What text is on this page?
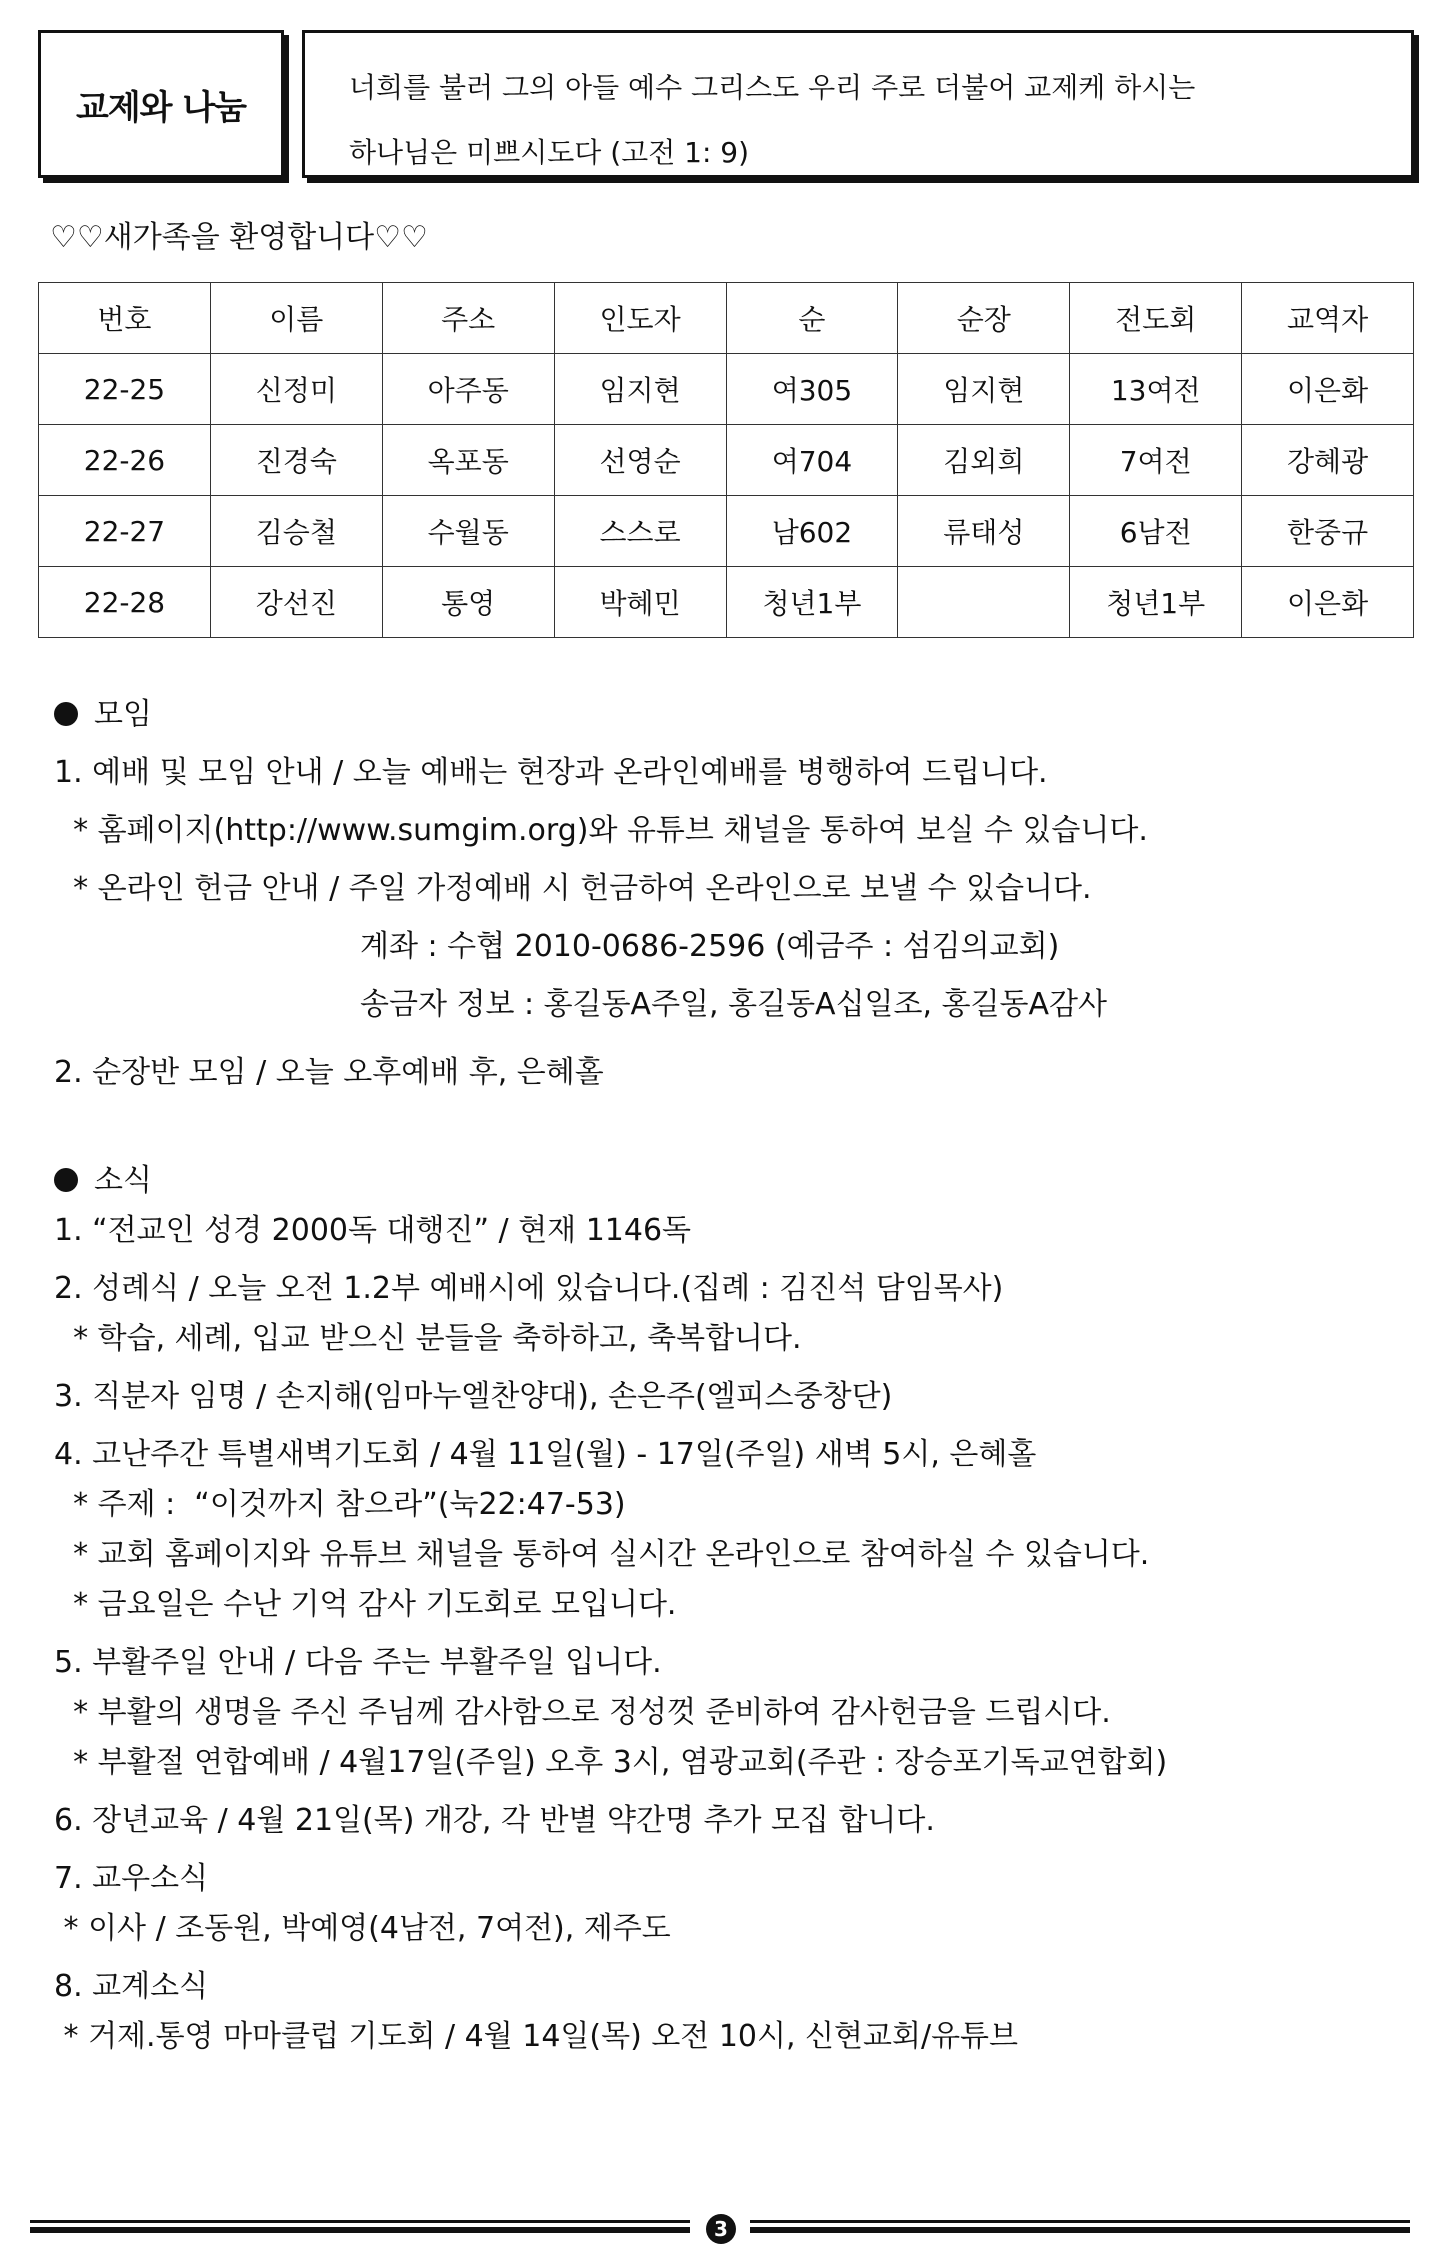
교제와 나눔	너희를 불러 그의 아들 예수 그리스도 우리 주로 더불어 교제케 하시는
하나님은 미쁘시도다 (고전 1: 9)
♡♡새가족을 환영합니다♡♡
번호	이름	주소	인도자	순	순장	전도회	교역자
22-25	신정미	아주동	임지현	여305	임지현	13여전	이은화
22-26	진경숙	옥포동	선영순	여704	김외희	7여전	강혜광
22-27	김승철	수월동	스스로	남602	류태성	6남전	한중규
22-28	강선진	통영	박혜민	청년1부		청년1부	이은화
모임
1. 예배 및 모임 안내 / 오늘 예배는 현장과 온라인예배를 병행하여 드립니다.
* 홈페이지(http://www.sumgim.org)와 유튜브 채널을 통하여 보실 수 있습니다.
* 온라인 헌금 안내 / 주일 가정예배 시 헌금하여 온라인으로 보낼 수 있습니다.
계좌 : 수협 2010-0686-2596 (예금주 : 섬김의교회)
송금자 정보 : 홍길동A주일, 홍길동A십일조, 홍길동A감사
2. 순장반 모임 / 오늘 오후예배 후, 은혜홀
소식
1. “전교인 성경 2000독 대행진” / 현재 1146독
2. 성례식 / 오늘 오전 1.2부 예배시에 있습니다.(집례 : 김진석 담임목사)
* 학습, 세례, 입교 받으신 분들을 축하하고, 축복합니다.
3. 직분자 임명 / 손지해(임마누엘찬양대), 손은주(엘피스중창단)
4. 고난주간 특별새벽기도회 / 4월 11일(월) - 17일(주일) 새벽 5시, 은혜홀
* 주제 :  “이것까지 참으라”(눅22:47-53)
* 교회 홈페이지와 유튜브 채널을 통하여 실시간 온라인으로 참여하실 수 있습니다.
* 금요일은 수난 기억 감사 기도회로 모입니다.
5. 부활주일 안내 / 다음 주는 부활주일 입니다.
* 부활의 생명을 주신 주님께 감사함으로 정성껏 준비하여 감사헌금을 드립시다.
* 부활절 연합예배 / 4월17일(주일) 오후 3시, 염광교회(주관 : 장승포기독교연합회)
6. 장년교육 / 4월 21일(목) 개강, 각 반별 약간명 추가 모집 합니다.
7. 교우소식
* 이사 / 조동원, 박예영(4남전, 7여전), 제주도
8. 교계소식
* 거제.통영 마마클럽 기도회 / 4월 14일(목) 오전 10시, 신현교회/유튜브
3
